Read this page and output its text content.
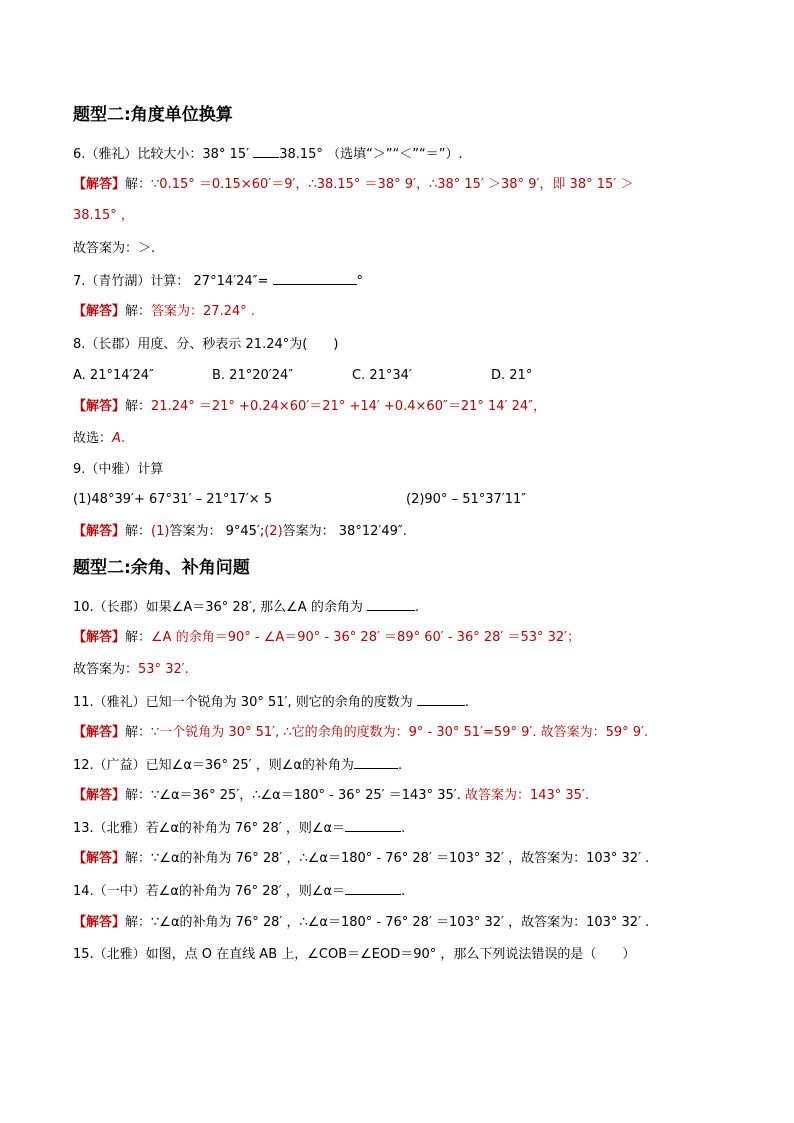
题型二:角度单位换算
6.（雅礼）比较大小：38° 15′ 38.15° （选填“＞”“＜”“＝”）.
【解答】解：∵0.15° ＝0.15×60′＝9′，∴38.15° ＝38° 9′，∴38° 15′ ＞38° 9′，即 38° 15′ ＞
38.15° ，
故答案为：＞.
7.（青竹湖）计算： 27°14′24″=	°
【解答】解：答案为：27.24° .
8.（长郡）用度、分、秒表示 21.24°为(　　)
A. 21°14′24″	B. 21°20′24″	C. 21°34′	D. 21°
【解答】解：21.24° ＝21° +0.24×60′＝21° +14′ +0.4×60″＝21° 14′ 24″，
故选：A.
9.（中雅）计算
(1)48°39′+ 67°31′ – 21°17′× 5	(2)90° – 51°37′11″
【解答】解：(1)答案为： 9°45′;(2)答案为： 38°12′49″.
题型二:余角、补角问题
10.（长郡）如果∠A＝36° 28′, 那么∠A 的余角为	.
【解答】解：∠A 的余角＝90° - ∠A＝90° - 36° 28′ ＝89° 60′ - 36° 28′ ＝53° 32′；
故答案为：53° 32′.
11.（雅礼）已知一个锐角为 30° 51′, 则它的余角的度数为	.
【解答】解：∵一个锐角为 30° 51′, ∴它的余角的度数为：9° - 30° 51′=59° 9′. 故答案为：59° 9′.
12.（广益）已知∠α＝36° 25′ ，则∠α的补角为	.
【解答】解：∵∠α＝36° 25′，∴∠α＝180° - 36° 25′ ＝143° 35′. 故答案为：143° 35′.
13.（北雅）若∠α的补角为 76° 28′ ，则∠α＝	.
【解答】解：∵∠α的补角为 76° 28′ ，∴∠α＝180° - 76° 28′ ＝103° 32′ ，故答案为：103° 32′ .
14.（一中）若∠α的补角为 76° 28′ ，则∠α＝	.
【解答】解：∵∠α的补角为 76° 28′ ，∴∠α＝180° - 76° 28′ ＝103° 32′ ，故答案为：103° 32′ .
15.（北雅）如图，点 O 在直线 AB 上，∠COB＝∠EOD＝90° ，那么下列说法错误的是（　　）
